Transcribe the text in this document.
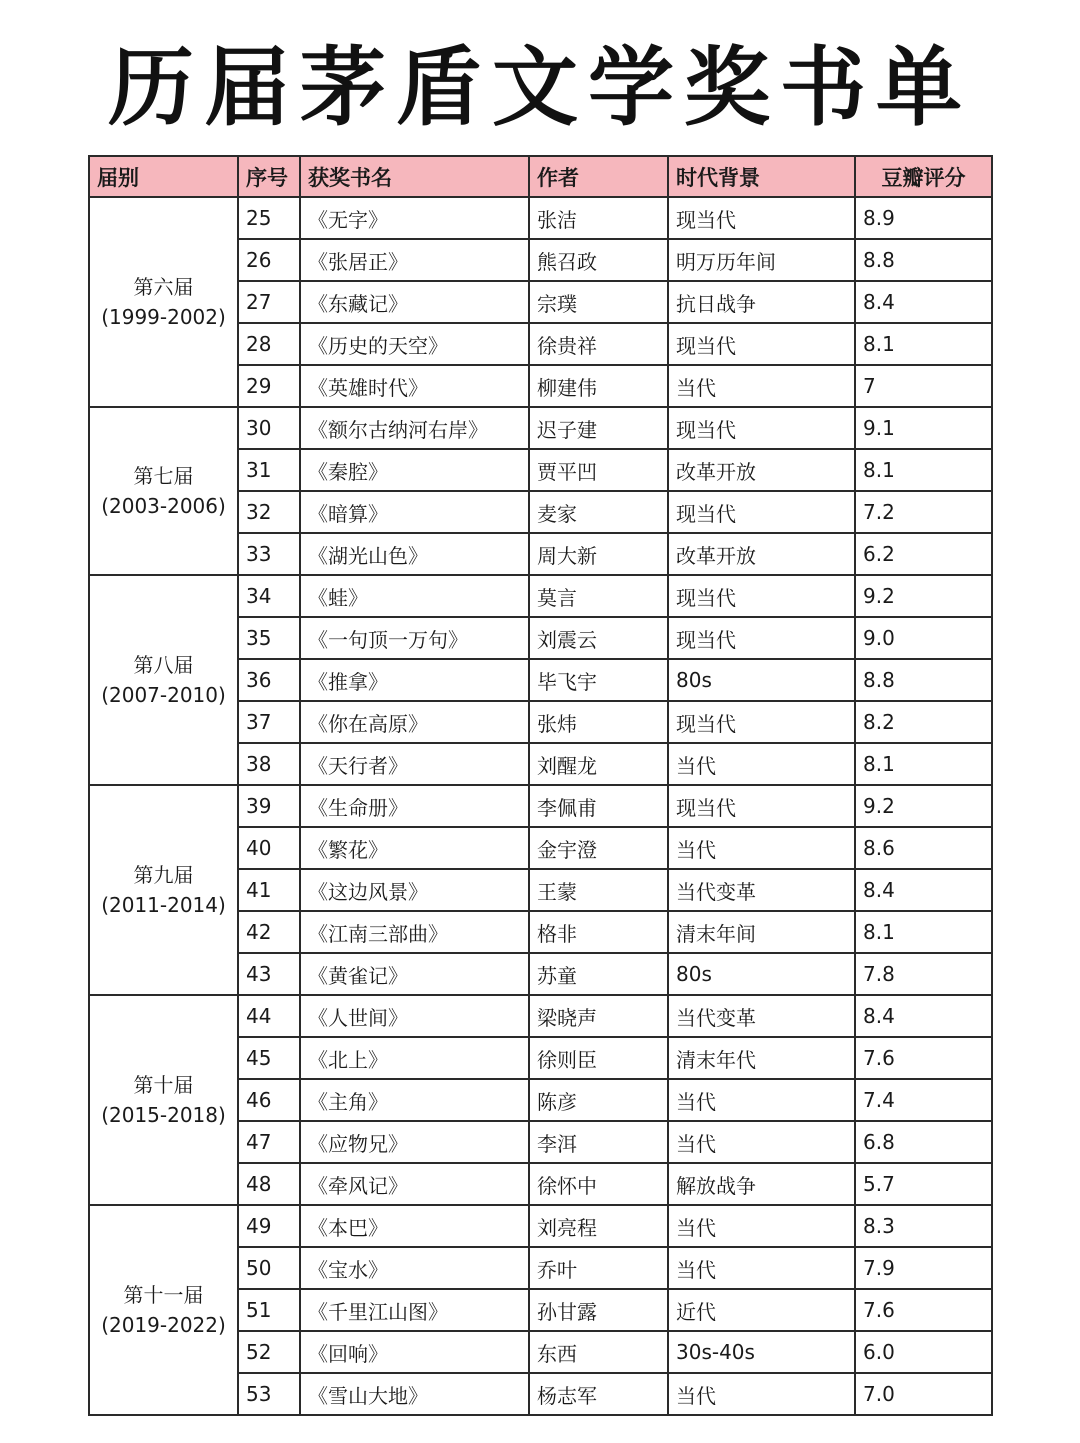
历届茅盾文学奖书单
届别	序号	获奖书名	作者	时代背景	豆瓣评分

第六届
(1999-2002)	25	《无字》	张洁	现当代	8.9
	26	《张居正》	熊召政	明万历年间	8.8
	27	《东藏记》	宗璞	抗日战争	8.4
	28	《历史的天空》	徐贵祥	现当代	8.1
	29	《英雄时代》	柳建伟	当代	7

第七届
(2003-2006)	30	《额尔古纳河右岸》	迟子建	现当代	9.1
	31	《秦腔》	贾平凹	改革开放	8.1
	32	《暗算》	麦家	现当代	7.2
	33	《湖光山色》	周大新	改革开放	6.2

第八届
(2007-2010)	34	《蛙》	莫言	现当代	9.2
	35	《一句顶一万句》	刘震云	现当代	9.0
	36	《推拿》	毕飞宇	80s	8.8
	37	《你在高原》	张炜	现当代	8.2
	38	《天行者》	刘醒龙	当代	8.1

第九届
(2011-2014)	39	《生命册》	李佩甫	现当代	9.2
	40	《繁花》	金宇澄	当代	8.6
	41	《这边风景》	王蒙	当代变革	8.4
	42	《江南三部曲》	格非	清末年间	8.1
	43	《黄雀记》	苏童	80s	7.8

第十届
(2015-2018)	44	《人世间》	梁晓声	当代变革	8.4
	45	《北上》	徐则臣	清末年代	7.6
	46	《主角》	陈彦	当代	7.4
	47	《应物兄》	李洱	当代	6.8
	48	《牵风记》	徐怀中	解放战争	5.7

第十一届
(2019-2022)	49	《本巴》	刘亮程	当代	8.3
	50	《宝水》	乔叶	当代	7.9
	51	《千里江山图》	孙甘露	近代	7.6
	52	《回响》	东西	30s-40s	6.0
	53	《雪山大地》	杨志军	当代	7.0
